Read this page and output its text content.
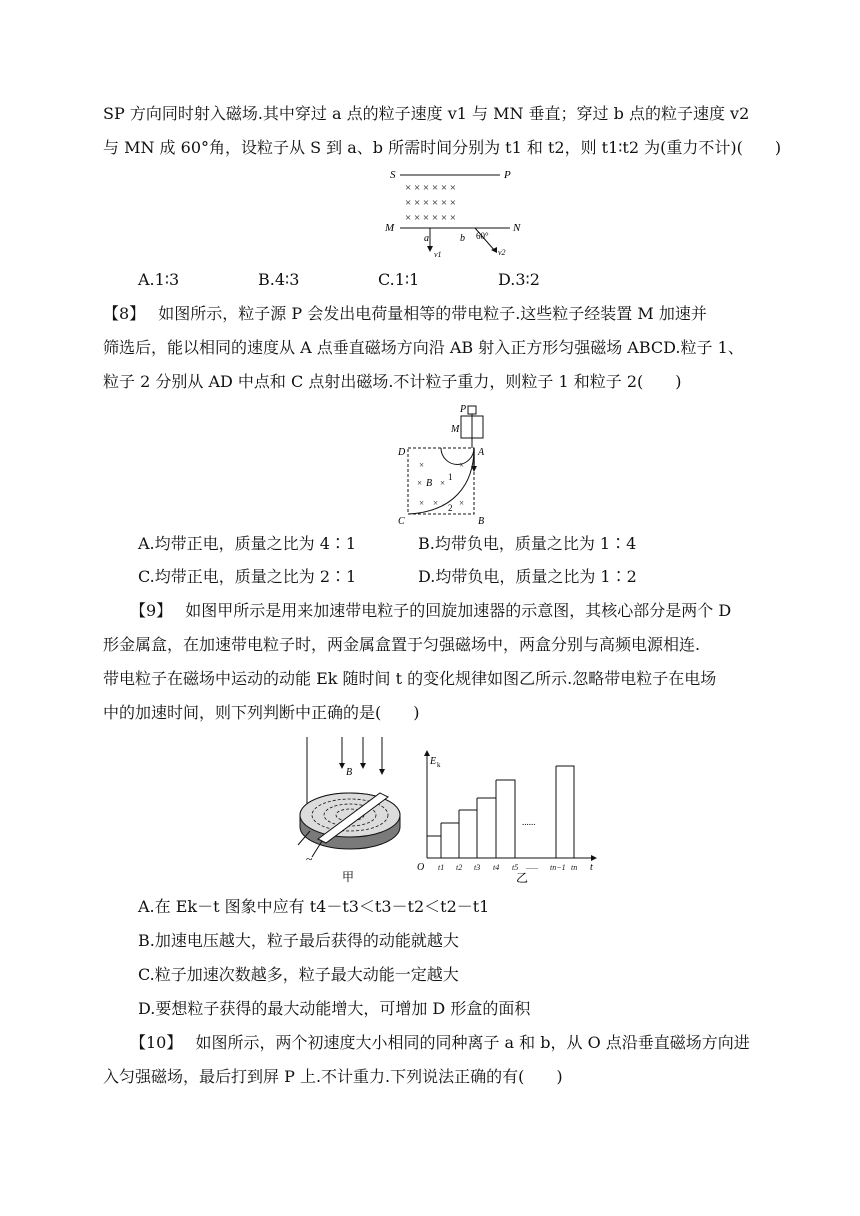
SP 方向同时射入磁场.其中穿过 a 点的粒子速度 v1 与 MN 垂直；穿过 b 点的粒子速度 v2
与 MN 成 60°角，设粒子从 S 到 a、b 所需时间分别为 t1 和 t2，则 t1∶t2 为(重力不计)(　　)
S	P
× × × × × ×
× × × × × ×
× × × × × ×
M	N
a
v1
b 60°
v2
A.1∶3	B.4∶3	C.1∶1	D.3∶2
【8】 如图所示，粒子源 P 会发出电荷量相等的带电粒子.这些粒子经装置 M 加速并
筛选后，能以相同的速度从 A 点垂直磁场方向沿 AB 射入正方形匀强磁场 ABCD.粒子 1、
粒子 2 分别从 AD 中点和 C 点射出磁场.不计粒子重力，则粒子 1 和粒子 2(　　)
P
M
D	A
C	B
×	×
× ×
× × ×
B
1
2
A.均带正电，质量之比为 4∶1	B.均带负电，质量之比为 1∶4
C.均带正电，质量之比为 2∶1	D.均带负电，质量之比为 1∶2
【9】 如图甲所示是用来加速带电粒子的回旋加速器的示意图，其核心部分是两个 D
形金属盒，在加速带电粒子时，两金属盒置于匀强磁场中，两盒分别与高频电源相连.
带电粒子在磁场中运动的动能 Ek 随时间 t 的变化规律如图乙所示.忽略带电粒子在电场
中的加速时间，则下列判断中正确的是(　　)
B
~
甲
E k
O	t
......
t1 t2 t3 t4 t5 ...... tn−1 tn
乙
A.在 Ek－t 图象中应有 t4－t3＜t3－t2＜t2－t1
B.加速电压越大，粒子最后获得的动能就越大
C.粒子加速次数越多，粒子最大动能一定越大
D.要想粒子获得的最大动能增大，可增加 D 形盒的面积
【10】 如图所示，两个初速度大小相同的同种离子 a 和 b，从 O 点沿垂直磁场方向进
入匀强磁场，最后打到屏 P 上.不计重力.下列说法正确的有(　　)
